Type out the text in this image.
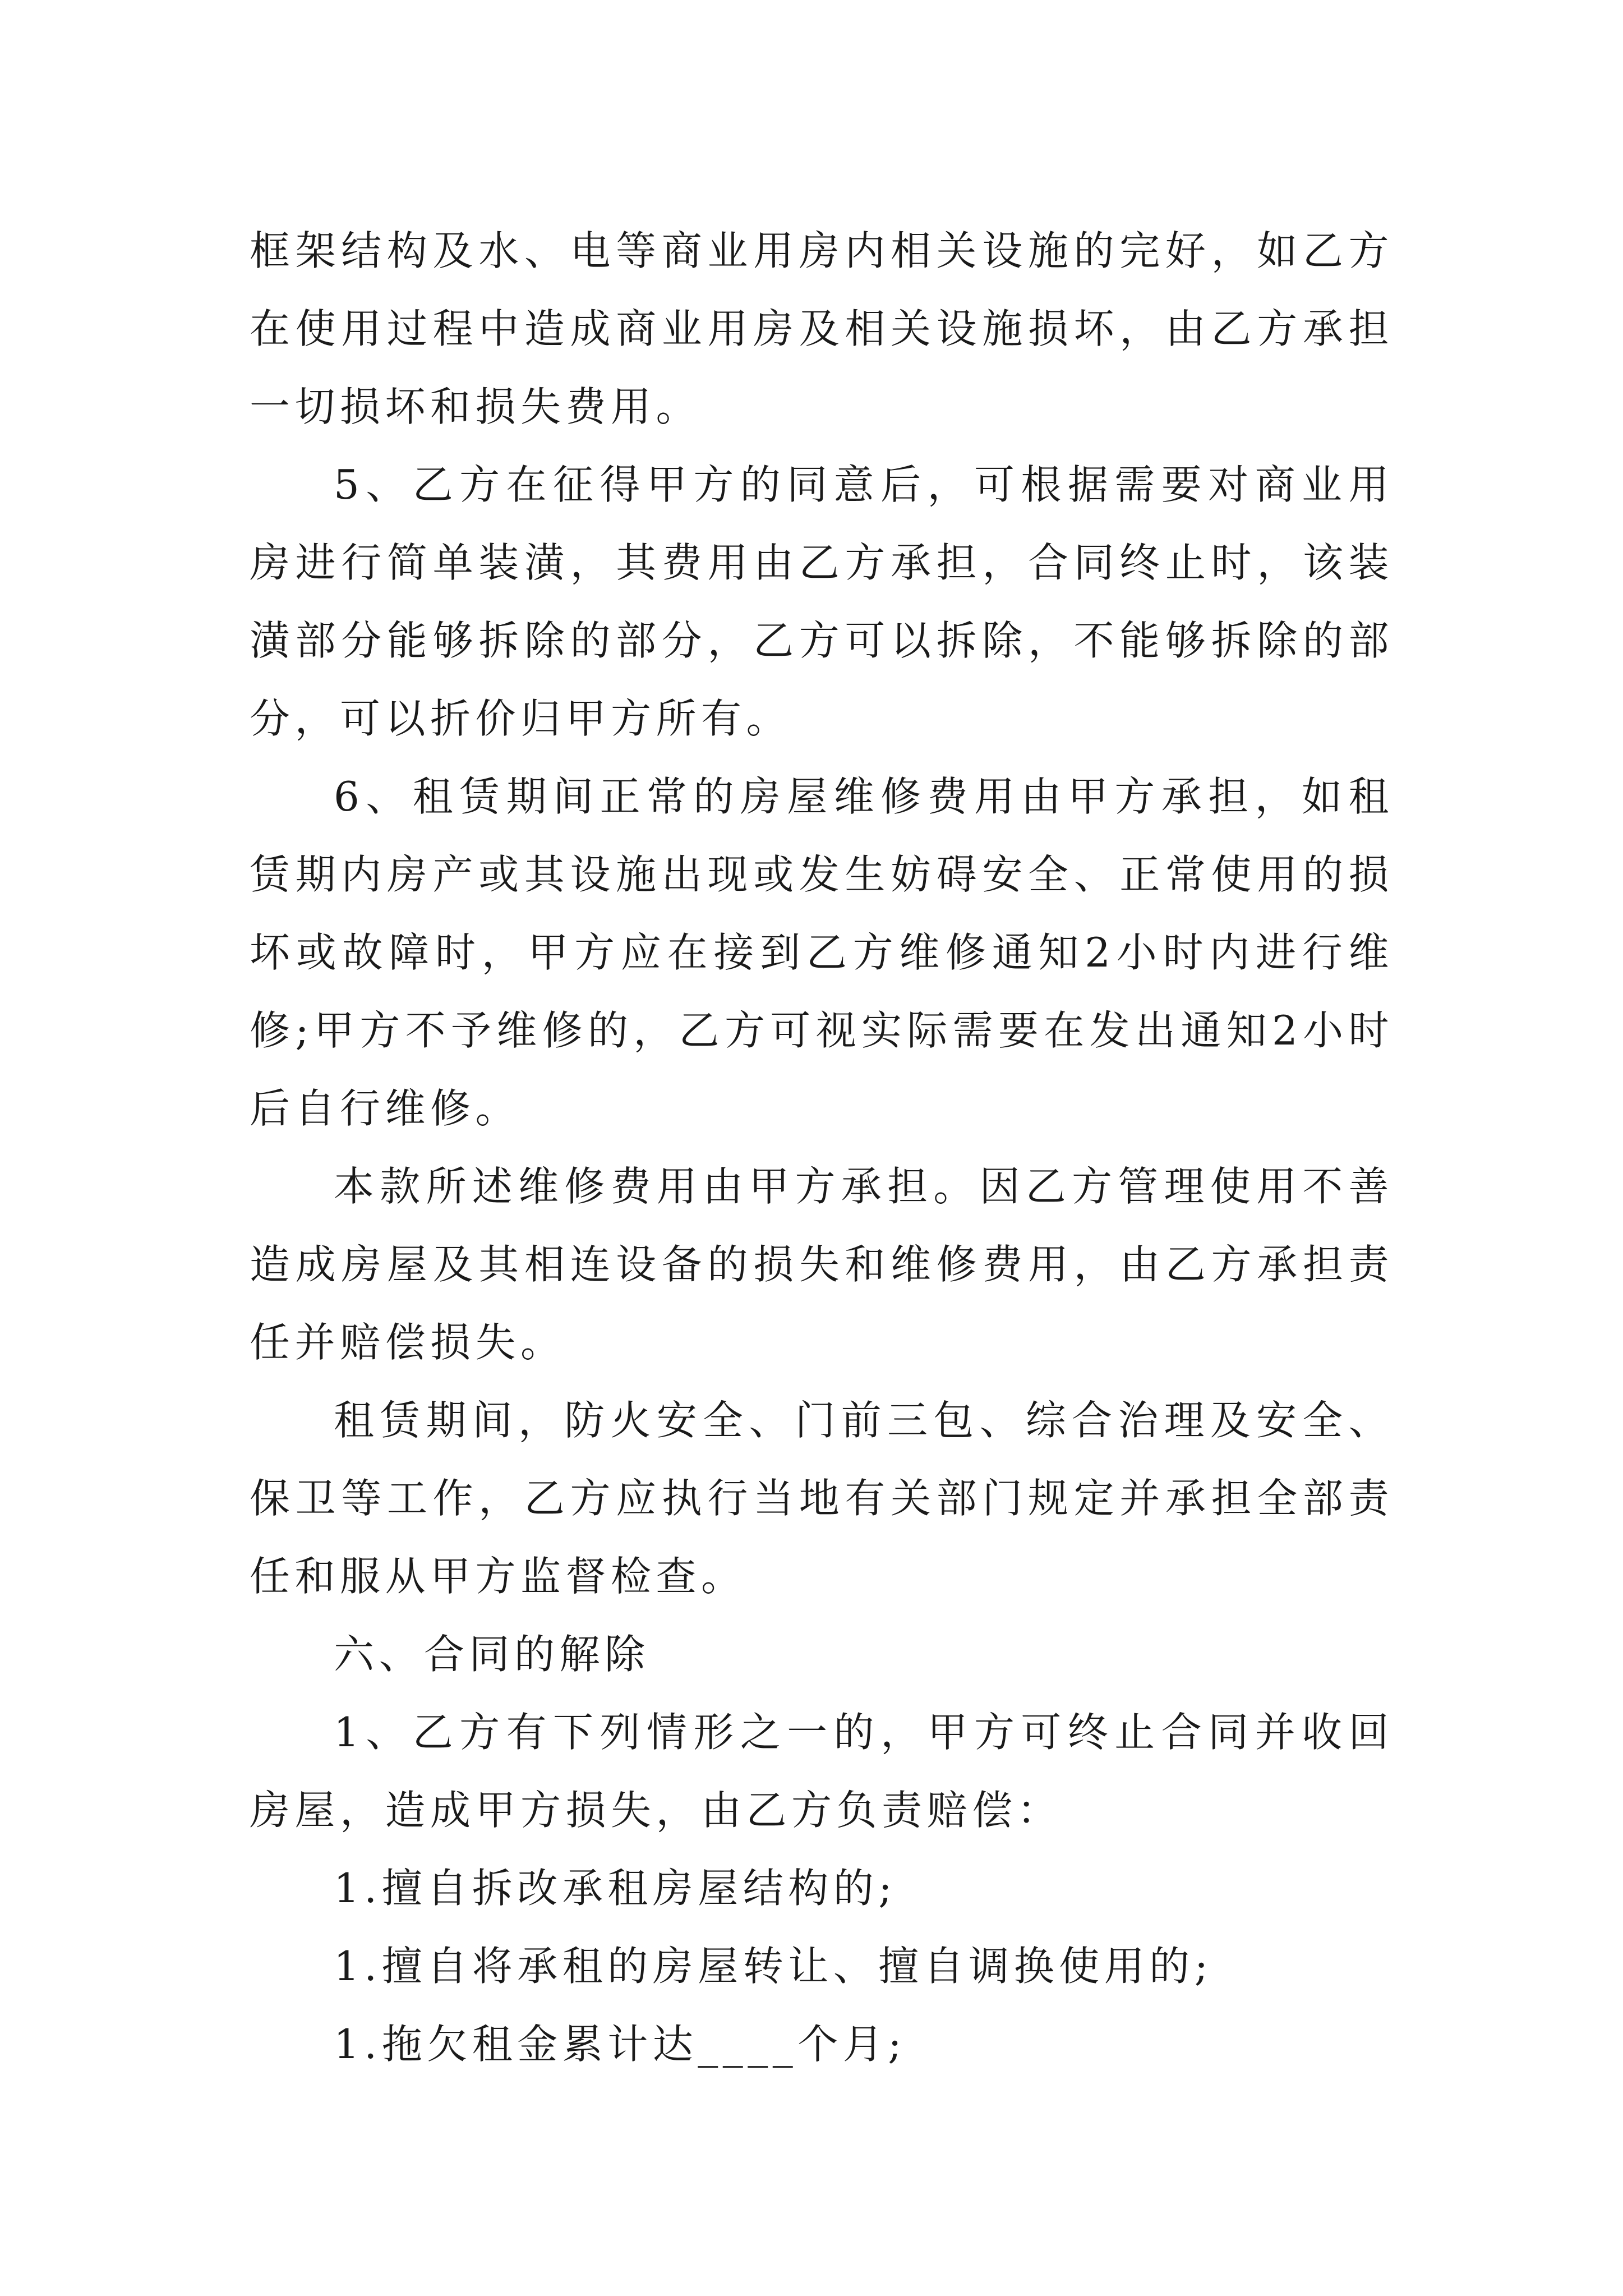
框架结构及水、电等商业用房内相关设施的完好，如乙方在使用过程中造成商业用房及相关设施损坏，由乙方承担一切损坏和损失费用。

5、乙方在征得甲方的同意后，可根据需要对商业用房进行简单装潢，其费用由乙方承担，合同终止时，该装潢部分能够拆除的部分，乙方可以拆除，不能够拆除的部分，可以折价归甲方所有。

6、租赁期间正常的房屋维修费用由甲方承担，如租赁期内房产或其设施出现或发生妨碍安全、正常使用的损坏或故障时，甲方应在接到乙方维修通知2小时内进行维修;甲方不予维修的，乙方可视实际需要在发出通知2小时后自行维修。

本款所述维修费用由甲方承担。因乙方管理使用不善造成房屋及其相连设备的损失和维修费用，由乙方承担责任并赔偿损失。

租赁期间，防火安全、门前三包、综合治理及安全、保卫等工作，乙方应执行当地有关部门规定并承担全部责任和服从甲方监督检查。

六、合同的解除

1、乙方有下列情形之一的，甲方可终止合同并收回房屋，造成甲方损失，由乙方负责赔偿：

1.擅自拆改承租房屋结构的;

1.擅自将承租的房屋转让、擅自调换使用的;

1.拖欠租金累计达____个月;
